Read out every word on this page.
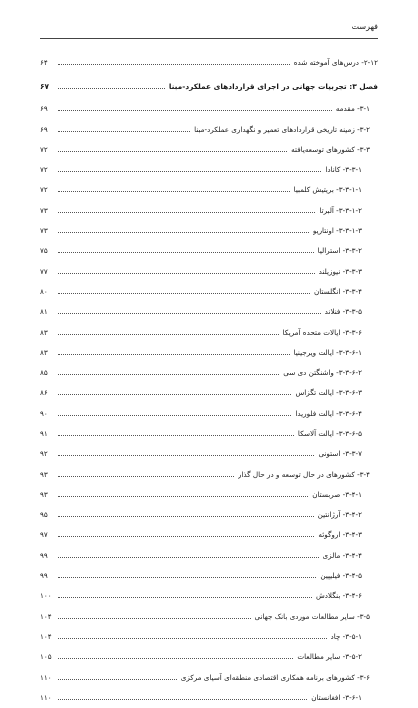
فهرست
۲-۱۲- درس‌های آموخته شده
۶۴
فصل ۳: تجربیات جهانی در اجرای قراردادهای عملکرد-مبنا
۶۷
۳-۱- مقدمه
۶۹
۳-۲- زمینه تاریخی قراردادهای تعمیر و نگهداری عملکرد-مبنا
۶۹
۳-۳- کشورهای توسعه‌یافته
۷۲
۳-۳-۱- کانادا
۷۲
۳-۳-۱-۱- بریتیش کلمبیا
۷۲
۳-۳-۱-۲- آلبرتا
۷۳
۳-۳-۱-۳- اونتاریو
۷۳
۳-۳-۲- استرالیا
۷۵
۳-۳-۳- نیوزیلند
۷۷
۳-۳-۴- انگلستان
۸۰
۳-۳-۵- فنلاند
۸۱
۳-۳-۶- ایالات متحده آمریکا
۸۳
۳-۳-۶-۱- ایالت ویرجینیا
۸۳
۳-۳-۶-۲- واشنگتن دی سی
۸۵
۳-۳-۶-۳- ایالت تگزاس
۸۶
۳-۳-۶-۴- ایالت فلوریدا
۹۰
۳-۳-۶-۵- ایالت آلاسکا
۹۱
۳-۳-۷- استونی
۹۲
۳-۴- کشورهای در حال توسعه و در حال گذار
۹۳
۳-۴-۱- صربستان
۹۳
۳-۴-۲- آرژانتین
۹۵
۳-۴-۳- اروگوئه
۹۷
۳-۴-۴- مالزی
۹۹
۳-۴-۵- فیلیپین
۹۹
۳-۴-۶- بنگلادش
۱۰۰
۳-۵- سایر مطالعات موردی بانک جهانی
۱۰۴
۳-۵-۱- چاد
۱۰۴
۳-۵-۲- سایر مطالعات
۱۰۵
۳-۶- کشورهای برنامه همکاری اقتصادی منطقه‌ای آسیای مرکزی
۱۱۰
۳-۶-۱- افغانستان
۱۱۰
